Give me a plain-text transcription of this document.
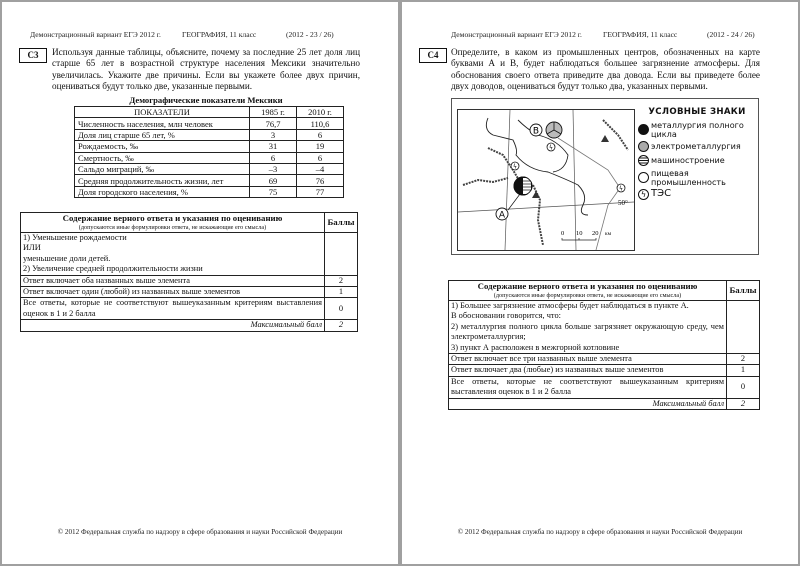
Демонстрационный вариант ЕГЭ 2012 г.	ГЕОГРАФИЯ, 11 класс	(2012 - 23 / 26)
C3	Используя данные таблицы, объясните, почему за последние 25 лет доля лиц старше 65 лет в возрастной структуре населения Мексики значительно увеличилась. Укажите две причины. Если вы укажете более двух причин, оцениваться будут только две, указанные первыми.
Демографические показатели Мексики
ПОКАЗАТЕЛИ	1985 г.	2010 г.
Численность населения, млн человек	76,7	110,6
Доля лиц старше 65 лет, %	3	6
Рождаемость, ‰	31	19
Смертность, ‰	6	6
Сальдо миграций, ‰	–3	–4
Средняя продолжительность жизни, лет	69	76
Доля городского населения, %	75	77
Содержание верного ответа и указания по оцениванию
(допускаются иные формулировки ответа, не искажающие его смысла)	Баллы

1) Уменьшение рождаемости
ИЛИ
уменьшение доли детей.
2) Увеличение средней продолжительности жизни	

Ответ включает оба названных выше элемента	2
Ответ включает один (любой) из названных выше элементов	1
Все ответы, которые не соответствуют вышеуказанным критериям выставления оценок в 1 и 2 балла	0
Максимальный балл	2
© 2012 Федеральная служба по надзору в сфере образования и науки Российской Федерации
Демонстрационный вариант ЕГЭ 2012 г.	ГЕОГРАФИЯ, 11 класс	(2012 - 24 / 26)
C4	Определите, в каком из промышленных центров, обозначенных на карте буквами А и В, будет наблюдаться большее загрязнение атмосферы. Для обоснования своего ответа приведите два довода. Если вы приведете более двух доводов, оцениваться будут только два, указанных первыми.
B
ϟ
ϟ
A
ϟ
50°
0 10 20 км
УСЛОВНЫЕ ЗНАКИ
металлургия полного цикла
электрометаллургия
машиностроение
пищевая промышленность
ϟ ТЭС
Содержание верного ответа и указания по оцениванию
(допускаются иные формулировки ответа, не искажающие его смысла)	Баллы

1) Большее загрязнение атмосферы будет наблюдаться в пункте А.
В обосновании говорится, что:
2) металлургия полного цикла больше загрязняет окружающую среду, чем электрометаллургия;
3) пункт А расположен в межгорной котловине	

Ответ включает все три названных выше элемента	2
Ответ включает два (любые) из названных выше элементов	1
Все ответы, которые не соответствуют вышеуказанным критериям выставления оценок в 1 и 2 балла	0
Максимальный балл	2
© 2012 Федеральная служба по надзору в сфере образования и науки Российской Федерации
